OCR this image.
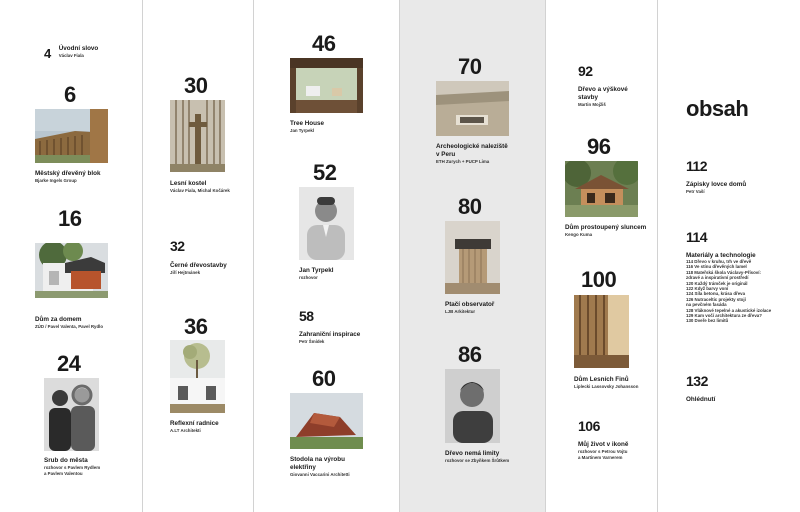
4 Úvodní slovo
Václav Fiala
6
Městský dřevěný blok
Bjarke Ingels Group
16
Dům za domem
ZÚD / Pavel Valenta, Pavel Rydlo
24
Srub do města
rozhovor s Pavlem Rydlem
a Pavlem Valentou
30
Lesní kostel
Václav Fiala, Michal Kočárek
32
Černé dřevostavby
Jiří Hejtmánek
36
Reflexní radnice
A.LT Architekti
46
Tree House
Jan Tyrpekl
52
Jan Tyrpekl
rozhovor
58
Zahraniční inspirace
Petr Šmídek
60
Stodola na výrobu
elektřiny
Giovanni Vaccarini Architetti
70
Archeologické naleziště
v Peru
ETH Zurych + PUCP Lima
80
Ptačí observatoř
LJB Arkitektur
86
Dřevo nemá limity
rozhovor se Zbyňkem Šrůtkem
92
Dřevo a výškové
stavby
Martin Mojžiš
96
Dům prostoupený sluncem
Kengo Kuma
100
Dům Lesních Finů
Liplecki Lassovsky Johansson
106
Můj život v ikoně
rozhovor s Petrou Vojtu
a Martinem Varnerem
obsah
112
Zápisky lovce domů
Petr Vaší
114
Materiály a technologie
114 Dřevo v kruhu, trh ve dřevě
116 Ve stínu dřevěných lamel
118 Mateřská škola Václavy-Přísoví:
zdravé a inspirativní prostředí
120 Každý trámček je originál
122 Když barvy voní
124 Síla betonu, krása dřeva
126 Nutraceltic projekty stojí
na pevčném fasáda
128 Vláknové tepelné a akustické izolace
129 Kam vočí architektura ze dřeva?
130 Dveře bez limitů
132
Ohlédnutí
